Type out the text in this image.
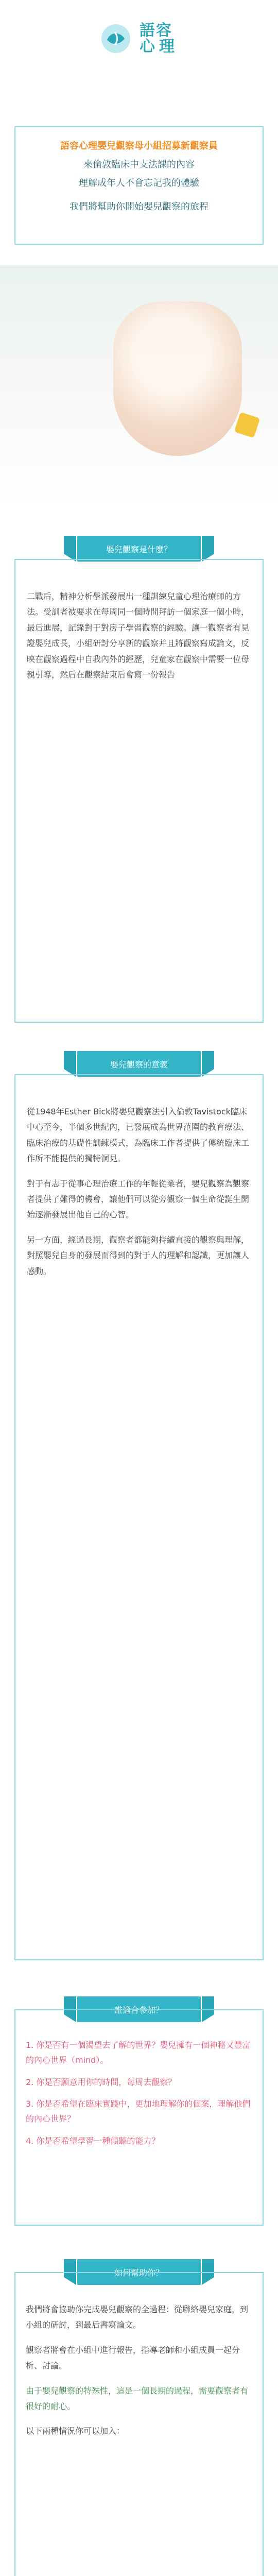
語容
心理
語容心理嬰兒觀察母小組招募新觀察員
來倫敦臨床中支法課的內容
理解成年人不會忘記我的體驗
我們將幫助你開始嬰兒觀察的旅程
嬰兒觀察是什麼？

二戰后，精神分析學派發展出一種訓練兒童心理治療師的方法。受訓者被要求在每周同一個時間拜訪一個家庭一個小時，最后進展，記錄對于對房子學習觀察的經驗。讓一觀察者有見證嬰兒成長，小組研討分享新的觀察并且將觀察寫成論文，反映在觀察過程中自我內外的經歷，兒童家在觀察中需要一位母親引導，然后在觀察結束后會寫一份報告

嬰兒觀察的意義

從1948年Esther Bick將嬰兒觀察法引入倫敦Tavistock臨床中心至今，半個多世紀內，已發展成為世界范圍的教育療法、臨床治療的基礎性訓練模式，為臨床工作者提供了傳統臨床工作所不能提供的獨特洞見。

對于有志于從事心理治療工作的年輕從業者，嬰兒觀察為觀察者提供了難得的機會，讓他們可以從旁觀察一個生命從誕生開始逐漸發展出他自己的心智。

另一方面，經過長期，觀察者都能夠持續直接的觀察與理解，對照嬰兒自身的發展而得到的對于人的理解和認識，更加讓人感動。

誰適合參加？

1. 你是否有一個渴望去了解的世界？嬰兒擁有一個神秘又豐富的內心世界（mind）。

2. 你是否願意用你的時間，每周去觀察？

3. 你是否希望在臨床實踐中，更加地理解你的個案，理解他們的內心世界？

4. 你是否希望學習一種傾聽的能力？

如何幫助你？

我們將會協助你完成嬰兒觀察的全過程：從聯絡嬰兒家庭，到小組的研討，到最后書寫論文。

觀察者將會在小組中進行報告，指導老師和小組成員一起分析、討論。

由于嬰兒觀察的特殊性，這是一個長期的過程，需要觀察者有很好的耐心。

以下兩種情況你可以加入：
